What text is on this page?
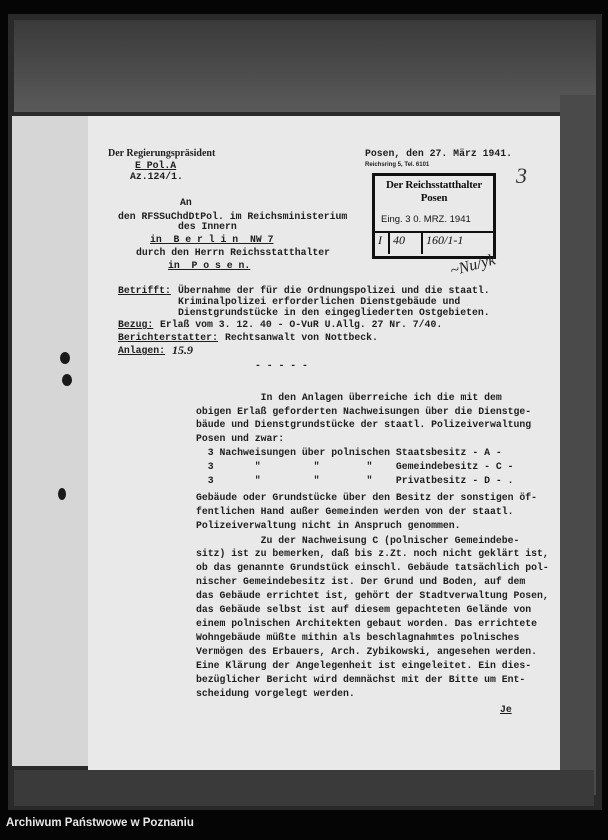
Der Regierungspräsident
E Pol.A
Az.124/1.
Posen, den 27. März 1941.
Reichsring 5, Tel. 6101
Der Reichsstatthalter
Posen
Eing. 3 0. MRZ. 1941
I 40	160/1-1
3
~Nu/yk
An
den RFSSuChdDtPol. im Reichsministerium
des Innern
in  B e r l i n  NW 7
durch den Herrn Reichsstatthalter
in  P o s e n.
Betrifft: Übernahme der für die Ordnungspolizei und die staatl.
Kriminalpolizei erforderlichen Dienstgebäude und
Dienstgrundstücke in den eingegliederten Ostgebieten.
Bezug: Erlaß vom 3. 12. 40 - O-VuR U.Allg. 27 Nr. 7/40.
Berichterstatter: Rechtsanwalt von Nottbeck.
Anlagen: 15.9
- - - - -
In den Anlagen überreiche ich die mit dem
obigen Erlaß geforderten Nachweisungen über die Dienstge-
bäude und Dienstgrundstücke der staatl. Polizeiverwaltung
Posen und zwar:
3 Nachweisungen über polnischen Staatsbesitz - A -
3       "         "        "    Gemeindebesitz - C -
3       "         "        "    Privatbesitz - D - .
Gebäude oder Grundstücke über den Besitz der sonstigen öf-
fentlichen Hand außer Gemeinden werden von der staatl.
Polizeiverwaltung nicht in Anspruch genommen.
Zu der Nachweisung C (polnischer Gemeindebe-
sitz) ist zu bemerken, daß bis z.Zt. noch nicht geklärt ist,
ob das genannte Grundstück einschl. Gebäude tatsächlich pol-
nischer Gemeindebesitz ist. Der Grund und Boden, auf dem
das Gebäude errichtet ist, gehört der Stadtverwaltung Posen,
das Gebäude selbst ist auf diesem gepachteten Gelände von
einem polnischen Architekten gebaut worden. Das errichtete
Wohngebäude müßte mithin als beschlagnahmtes polnisches
Vermögen des Erbauers, Arch. Zybikowski, angesehen werden.
Eine Klärung der Angelegenheit ist eingeleitet. Ein dies-
bezüglicher Bericht wird demnächst mit der Bitte um Ent-
scheidung vorgelegt werden.
Je
Archiwum Państwowe w Poznaniu
